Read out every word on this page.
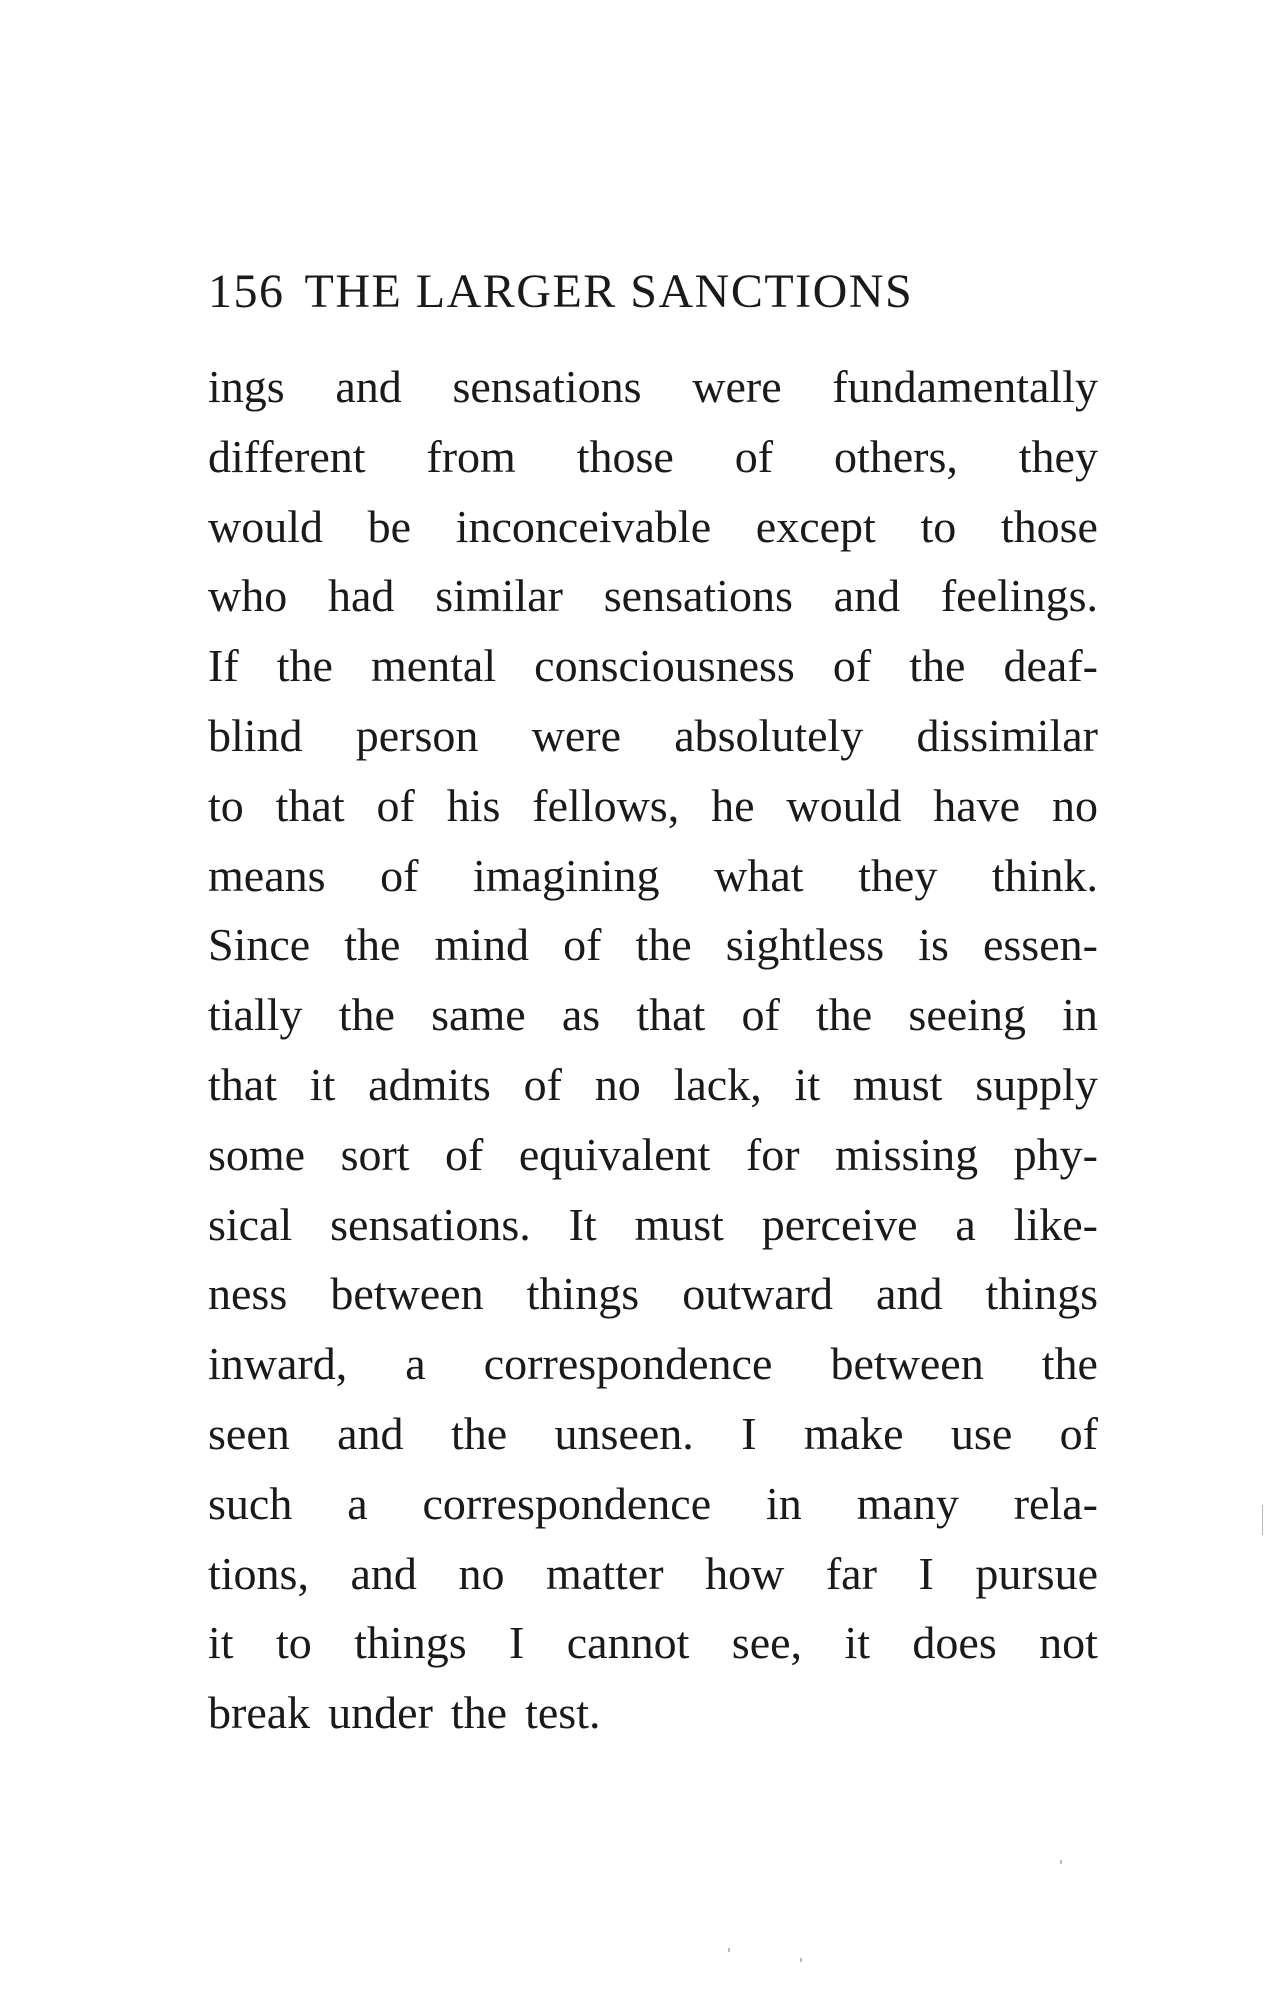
156 THE LARGER SANCTIONS
ings and sensations were fundamentally
different from those of others, they
would be inconceivable except to those
who had similar sensations and feelings.
If the mental consciousness of the deaf-
blind person were absolutely dissimilar
to that of his fellows, he would have no
means of imagining what they think.
Since the mind of the sightless is essen-
tially the same as that of the seeing in
that it admits of no lack, it must supply
some sort of equivalent for missing phy-
sical sensations. It must perceive a like-
ness between things outward and things
inward, a correspondence between the
seen and the unseen. I make use of
such a correspondence in many rela-
tions, and no matter how far I pursue
it to things I cannot see, it does not
break under the test.
